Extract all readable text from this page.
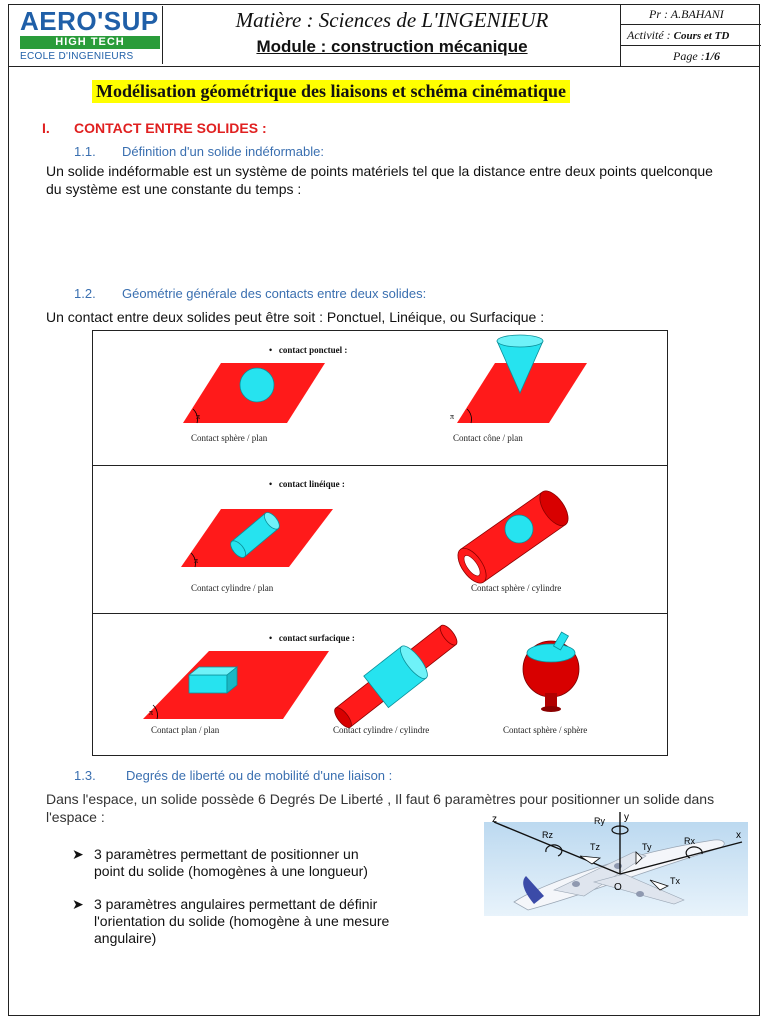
AERO'SUP
HIGH TECH
ECOLE D'INGENIEURS
Matière : Sciences de L'INGENIEUR
Module : construction mécanique
Pr : A.BAHANI
Activité : Cours et TD
Page :1/6
Modélisation géométrique des liaisons et schéma cinématique
I. CONTACT ENTRE SOLIDES :
1.1. Définition d'un solide indéformable:
Un solide indéformable est un système de points matériels tel que la distance entre deux points quelconque du système est une constante du temps :
1.2. Géométrie générale des contacts entre deux solides:
Un contact entre deux solides peut être soit : Ponctuel, Linéique, ou Surfacique :
•   contact ponctuel :
•   contact linéique :
•   contact surfacique :
π	π
π
π
Contact sphère / plan	Contact cône / plan
Contact cylindre / plan	Contact sphère / cylindre
Contact plan / plan	Contact cylindre / cylindre	Contact sphère / sphère
1.3. Degrés de liberté ou de mobilité d'une liaison :
Dans l'espace, un solide possède 6 Degrés De Liberté , Il faut 6 paramètres pour positionner un solide dans l'espace :
➤ 3 paramètres permettant de positionner un point du solide (homogènes à une longueur)
➤ 3 paramètres angulaires permettant de définir l'orientation du solide (homogène à une mesure angulaire)
z
x
y
O
Rz
Ry
Rx
Tz	Ty
Tx
